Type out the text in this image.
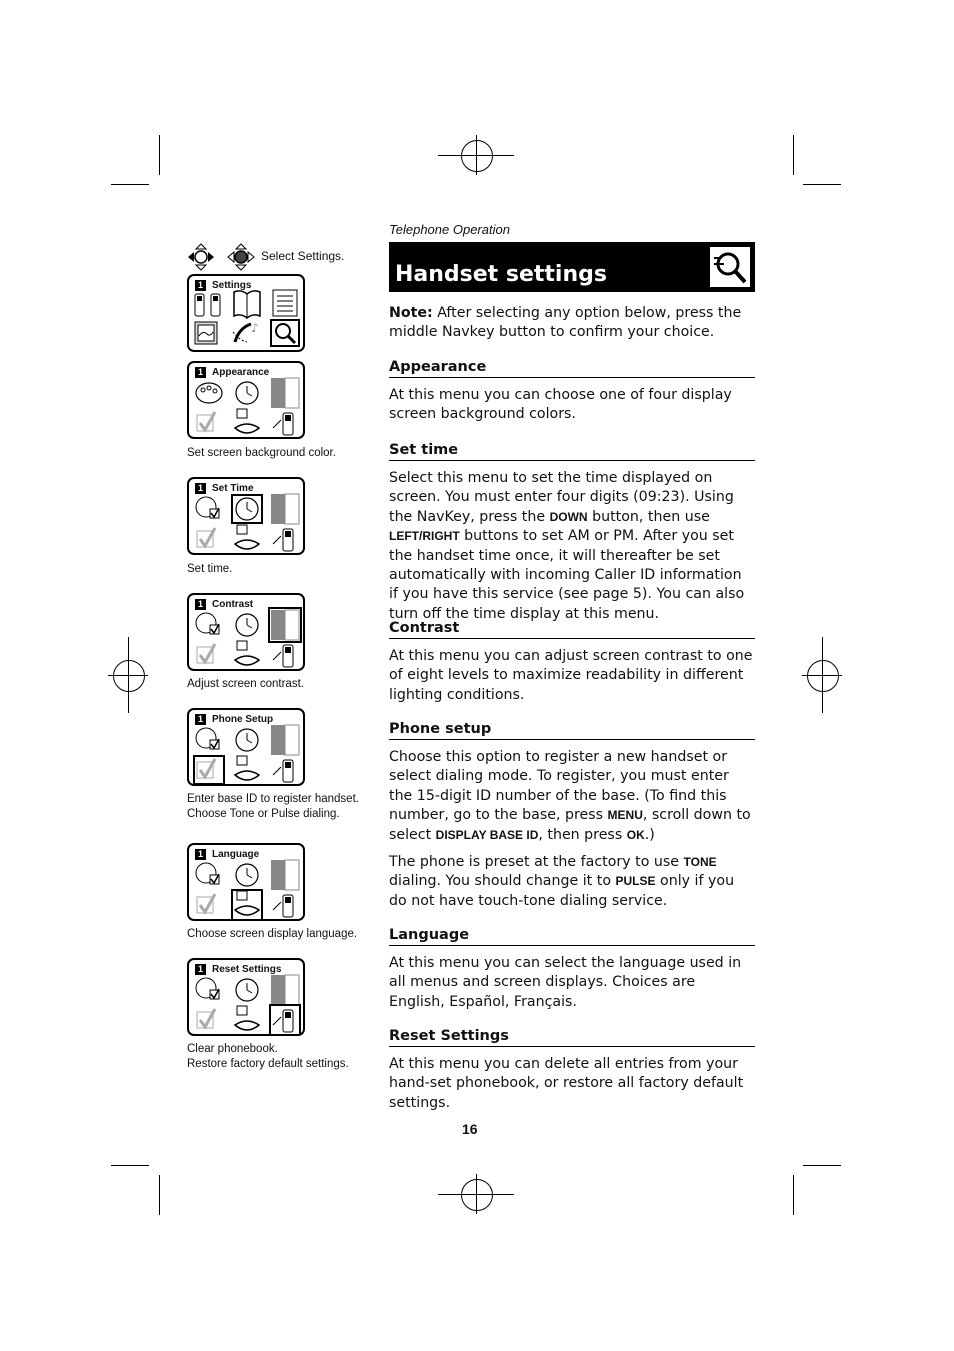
Telephone Operation
Handset settings

Note: After selecting any option below, press the middle Navkey button to confirm your choice.

Appearance

At this menu you can choose one of four display screen background colors.

Set time

Select this menu to set the time displayed on screen. You must enter four digits (09:23). Using the NavKey, press the DOWN button, then use LEFT/RIGHT buttons to set AM or PM. After you set the handset time once, it will thereafter be set automatically with incoming Caller ID information if you have this service (see page 5). You can also turn off the time display at this menu.

Contrast

At this menu you can adjust screen contrast to one of eight levels to maximize readability in different lighting conditions.

Phone setup

Choose this option to register a new handset or select dialing mode. To register, you must enter the 15-digit ID number of the base. (To find this number, go to the base, press MENU, scroll down to select DISPLAY BASE ID, then press OK.)

The phone is preset at the factory to use TONE dialing. You should change it to PULSE only if you do not have touch-tone dialing service.

Language

At this menu you can select the language used in all menus and screen displays. Choices are English, Español, Français.

Reset Settings

At this menu you can delete all entries from your hand-set phonebook, or restore all factory default settings.

Select Settings.
♪
1 Settings
1 Appearance
Set screen background color.
1 Set Time
Set time.
1 Contrast
Adjust screen contrast.
1 Phone Setup
Enter base ID to register handset.
Choose Tone or Pulse dialing.
1 Language
Choose screen display language.
1 Reset Settings
Clear phonebook.
Restore factory default settings.
16
